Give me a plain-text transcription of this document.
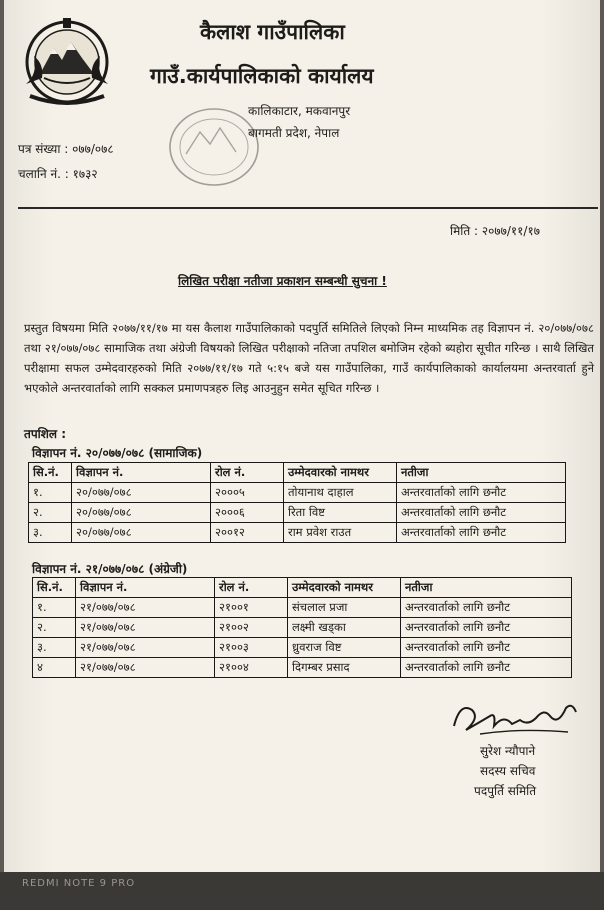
कैलाश गाउँपालिका
गाउँ.कार्यपालिकाको कार्यालय
कालिकाटार, मकवानपुर
बागमती प्रदेश, नेपाल
पत्र संख्या : ०७७/०७८
चलानि नं. : १७३२
मिति : २०७७/११/१७
लिखित परीक्षा नतीजा प्रकाशन सम्बन्धी सुचना !
प्रस्तुत विषयमा मिति २०७७/११/१७ मा यस कैलाश गाउँपालिकाको पदपुर्ति समितिले लिएको निम्न माध्यमिक तह विज्ञापन नं. २०/०७७/०७८ तथा २१/०७७/०७८ सामाजिक तथा अंग्रेजी विषयको लिखित परीक्षाको नतिजा तपशिल बमोजिम रहेको ब्यहोरा सूचीत गरिन्छ । साथै लिखित परीक्षामा सफल उम्मेदवारहरुको मिति २०७७/११/१७ गते ५:१५ बजे यस गाउँपालिका, गाउँ कार्यपालिकाको कार्यालयमा अन्तरवार्ता हुने भएकोले अन्तरवार्ताको लागि सक्कल प्रमाणपत्रहरु लिइ आउनुहुन समेत सूचित गरिन्छ ।
तपशिल :
विज्ञापन नं. २०/०७७/०७८ (सामाजिक)
सि.नं.	विज्ञापन नं.	रोल नं.	उम्मेदवारको नामथर	नतीजा
१.	२०/०७७/०७८	२०००५	तोयानाथ दाहाल	अन्तरवार्ताको लागि छनौट
२.	२०/०७७/०७८	२०००६	रिता विष्ट	अन्तरवार्ताको लागि छनौट
३.	२०/०७७/०७८	२००१२	राम प्रवेश राउत	अन्तरवार्ताको लागि छनौट
विज्ञापन नं. २१/०७७/०७८ (अंग्रेजी)
सि.नं.	विज्ञापन नं.	रोल नं.	उम्मेदवारको नामथर	नतीजा
१.	२१/०७७/०७८	२१००१	संचलाल प्रजा	अन्तरवार्ताको लागि छनौट
२.	२१/०७७/०७८	२१००२	लक्ष्मी खड्का	अन्तरवार्ताको लागि छनौट
३.	२१/०७७/०७८	२१००३	ध्रुवराज विष्ट	अन्तरवार्ताको लागि छनौट
४	२१/०७७/०७८	२१००४	दिगम्बर प्रसाद	अन्तरवार्ताको लागि छनौट
सुरेश न्यौपाने
सदस्य सचिव
पदपुर्ति समिति
REDMI NOTE 9 PRO
